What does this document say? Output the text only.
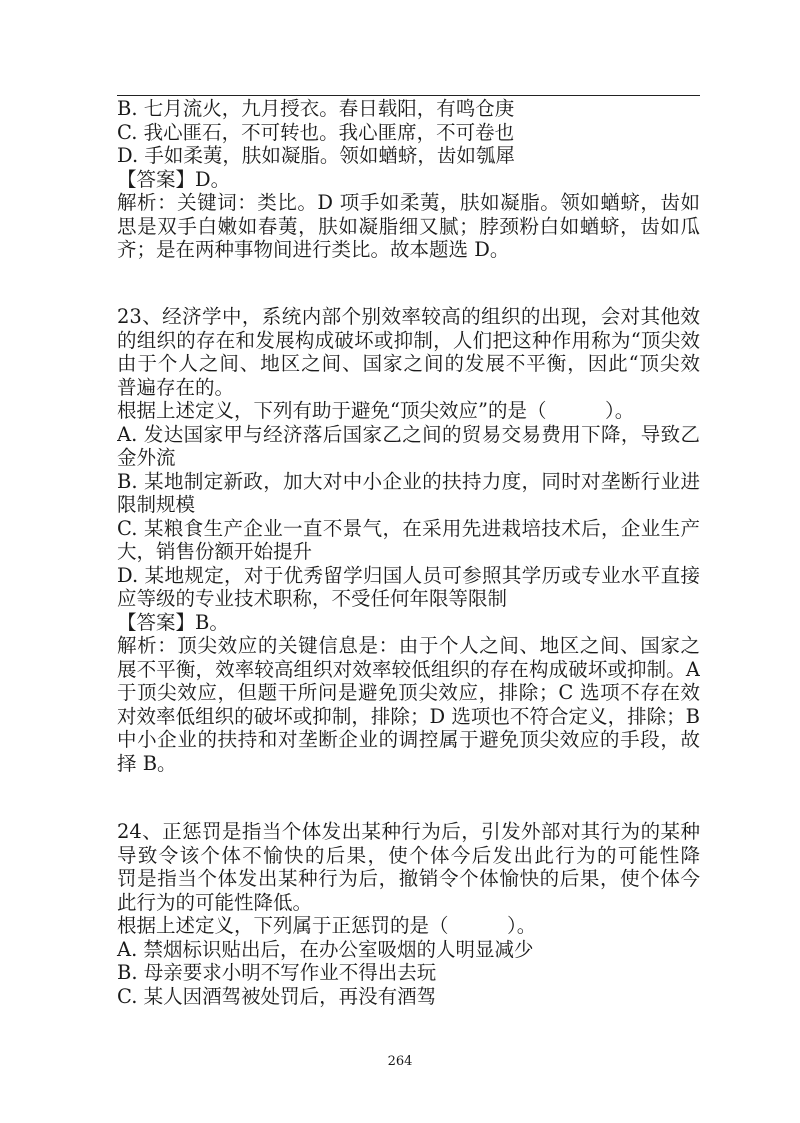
B. 七月流火，九月授衣。春日载阳，有鸣仓庚
C. 我心匪石，不可转也。我心匪席，不可卷也
D. 手如柔荑，肤如凝脂。领如蝤蛴，齿如瓠犀
【答案】D。
解析：关键词：类比。D 项手如柔荑，肤如凝脂。领如蝤蛴，齿如
思是双手白嫩如春荑，肤如凝脂细又腻；脖颈粉白如蝤蛴，齿如瓜
齐；是在两种事物间进行类比。故本题选 D。
23、经济学中，系统内部个别效率较高的组织的出现，会对其他效
的组织的存在和发展构成破坏或抑制，人们把这种作用称为“顶尖效
由于个人之间、地区之间、国家之间的发展不平衡，因此“顶尖效
普遍存在的。
根据上述定义，下列有助于避免“顶尖效应”的是（　　　）。
A. 发达国家甲与经济落后国家乙之间的贸易交易费用下降，导致乙
金外流
B. 某地制定新政，加大对中小企业的扶持力度，同时对垄断行业进
限制规模
C. 某粮食生产企业一直不景气，在采用先进栽培技术后，企业生产
大，销售份额开始提升
D. 某地规定，对于优秀留学归国人员可参照其学历或专业水平直接
应等级的专业技术职称，不受任何年限等限制
【答案】B。
解析：顶尖效应的关键信息是：由于个人之间、地区之间、国家之
展不平衡，效率较高组织对效率较低组织的存在构成破坏或抑制。A
于顶尖效应，但题干所问是避免顶尖效应，排除；C 选项不存在效
对效率低组织的破坏或抑制，排除；D 选项也不符合定义，排除；B
中小企业的扶持和对垄断企业的调控属于避免顶尖效应的手段，故
择 B。
24、正惩罚是指当个体发出某种行为后，引发外部对其行为的某种
导致令该个体不愉快的后果，使个体今后发出此行为的可能性降
罚是指当个体发出某种行为后，撤销令个体愉快的后果，使个体今
此行为的可能性降低。
根据上述定义，下列属于正惩罚的是（　　　）。
A. 禁烟标识贴出后，在办公室吸烟的人明显减少
B. 母亲要求小明不写作业不得出去玩
C. 某人因酒驾被处罚后，再没有酒驾
264
